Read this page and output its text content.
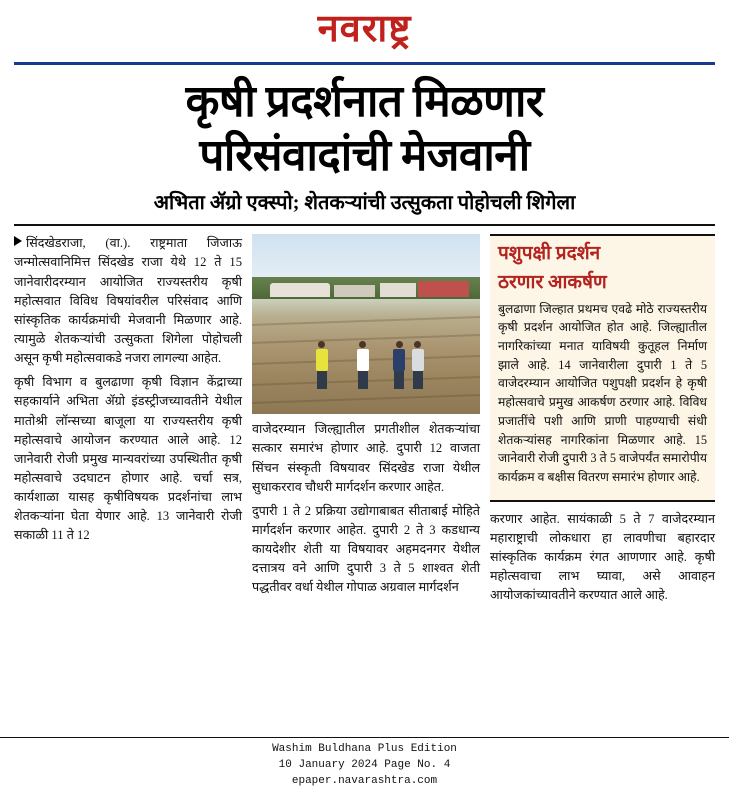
नवराष्ट्र
कृषी प्रदर्शनात मिळणार
परिसंवादांची मेजवानी
अभिता ॲग्रो एक्स्पो; शेतकऱ्यांची उत्सुकता पोहोचली शिगेला

सिंदखेडराजा, (वा.). राष्ट्रमाता जिजाऊ जन्मोत्सवानिमित्त सिंदखेड राजा येथे 12 ते 15 जानेवारीदरम्यान आयोजित राज्यस्तरीय कृषी महोत्सवात विविध विषयांवरील परिसंवाद आणि सांस्कृतिक कार्यक्रमांची मेजवानी मिळणार आहे. त्यामुळे शेतकऱ्यांची उत्सुकता शिगेला पोहोचली असून कृषी महोत्सवाकडे नजरा लागल्या आहेत.

कृषी विभाग व बुलढाणा कृषी विज्ञान केंद्राच्या सहकार्याने अभिता ॲग्रो इंडस्ट्रीजच्यावतीने येथील मातोश्री लॉन्सच्या बाजूला या राज्यस्तरीय कृषी महोत्सवाचे आयोजन करण्यात आले आहे. 12 जानेवारी रोजी प्रमुख मान्यवरांच्या उपस्थितीत कृषी महोत्सवाचे उदघाटन होणार आहे. चर्चा सत्र, कार्यशाळा यासह कृषीविषयक प्रदर्शनांचा लाभ शेतकऱ्यांना घेता येणार आहे. 13 जानेवारी रोजी सकाळी 11 ते 12

वाजेदरम्यान जिल्ह्यातील प्रगतीशील शेतकऱ्यांचा सत्कार समारंभ होणार आहे. दुपारी 12 वाजता सिंचन संस्कृती विषयावर सिंदखेड राजा येथील सुधाकरराव चौधरी मार्गदर्शन करणार आहेत.

दुपारी 1 ते 2 प्रक्रिया उद्योगाबाबत सीताबाई मोहिते मार्गदर्शन करणार आहेत. दुपारी 2 ते 3 कडधान्य कायदेशीर शेती या विषयावर अहमदनगर येथील दत्तात्रय वने आणि दुपारी 3 ते 5 शाश्वत शेती पद्धतीवर वर्धा येथील गोपाळ अग्रवाल मार्गदर्शन

पशुपक्षी प्रदर्शन
ठरणार आकर्षण

बुलढाणा जिल्हात प्रथमच एवढे मोठे राज्यस्तरीय कृषी प्रदर्शन आयोजित होत आहे. जिल्ह्यातील नागरिकांच्या मनात याविषयी कुतूहल निर्माण झाले आहे. 14 जानेवारीला दुपारी 1 ते 5 वाजेदरम्यान आयोजित पशुपक्षी प्रदर्शन हे कृषी महोत्सवाचे प्रमुख आकर्षण ठरणार आहे. विविध प्रजातींचे पशी आणि प्राणी पाहण्याची संधी शेतकऱ्यांसह नागरिकांना मिळणार आहे. 15 जानेवारी रोजी दुपारी 3 ते 5 वाजेपर्यंत समारोपीय कार्यक्रम व बक्षीस वितरण समारंभ होणार आहे.

करणार आहेत. सायंकाळी 5 ते 7 वाजेदरम्यान महाराष्ट्राची लोकधारा हा लावणीचा बहारदार सांस्कृतिक कार्यक्रम रंगत आणणार आहे. कृषी महोत्सवाचा लाभ घ्यावा, असे आवाहन आयोजकांच्यावतीने करण्यात आले आहे.

Washim Buldhana Plus Edition
10 January 2024 Page No. 4
epaper.navarashtra.com
